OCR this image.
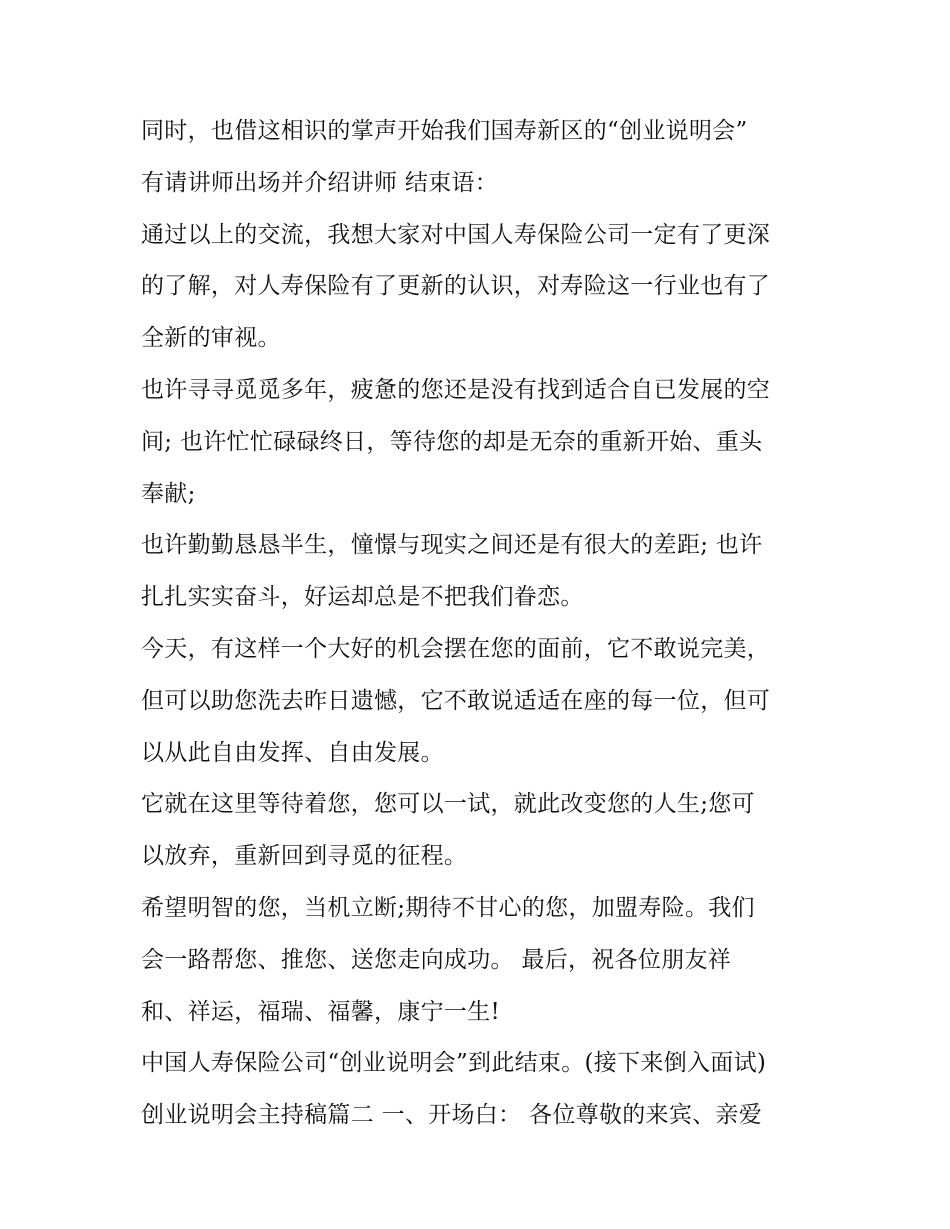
同时，也借这相识的掌声开始我们国寿新区的“创业说明会”
有请讲师出场并介绍讲师 结束语：
通过以上的交流，我想大家对中国人寿保险公司一定有了更深
的了解，对人寿保险有了更新的认识，对寿险这一行业也有了
全新的审视。
也许寻寻觅觅多年，疲惫的您还是没有找到适合自已发展的空
间; 也许忙忙碌碌终日，等待您的却是无奈的重新开始、重头
奉献;
也许勤勤恳恳半生，憧憬与现实之间还是有很大的差距; 也许
扎扎实实奋斗，好运却总是不把我们眷恋。
今天，有这样一个大好的机会摆在您的面前，它不敢说完美，
但可以助您洗去昨日遗憾，它不敢说适适在座的每一位，但可
以从此自由发挥、自由发展。
它就在这里等待着您，您可以一试，就此改变您的人生;您可
以放弃，重新回到寻觅的征程。
希望明智的您，当机立断;期待不甘心的您，加盟寿险。我们
会一路帮您、推您、送您走向成功。 最后，祝各位朋友祥
和、祥运，福瑞、福馨，康宁一生!
中国人寿保险公司“创业说明会”到此结束。(接下来倒入面试)
创业说明会主持稿篇二 一、开场白： 各位尊敬的来宾、亲爱
